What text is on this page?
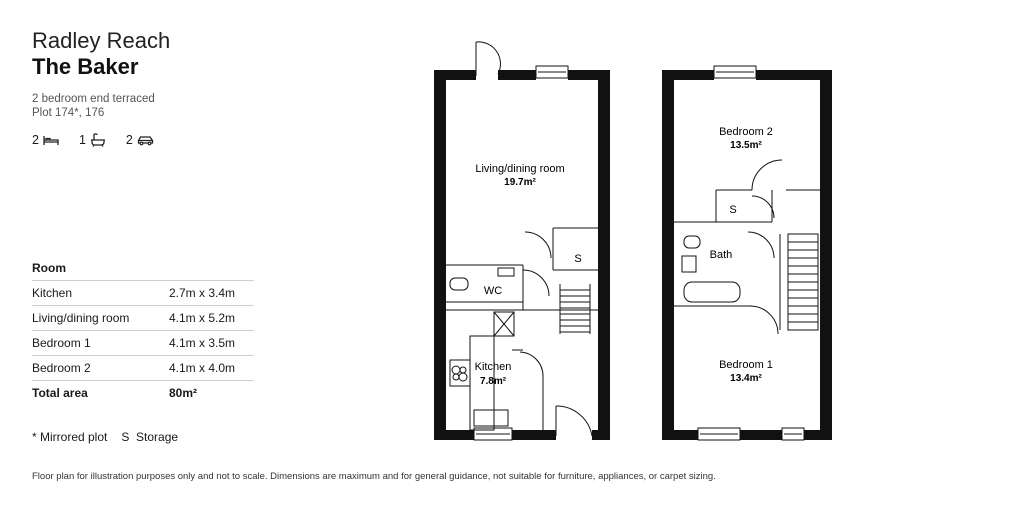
Radley Reach
The Baker
2 bedroom end terraced
Plot 174*, 176
2	1	2
Room
Kitchen	2.7m x 3.4m
Living/dining room	4.1m x 5.2m
Bedroom 1	4.1m x 3.5m
Bedroom 2	4.1m x 4.0m
Total area	80m²
* Mirrored plot S  Storage
Floor plan for illustration purposes only and not to scale. Dimensions are maximum and for general guidance, not suitable for furniture, appliances, or carpet sizing.
Living/dining room
19.7m²
WC
S
Kitchen
7.8m²
Bedroom 2
13.5m²
S
Bath
Bedroom 1
13.4m²
